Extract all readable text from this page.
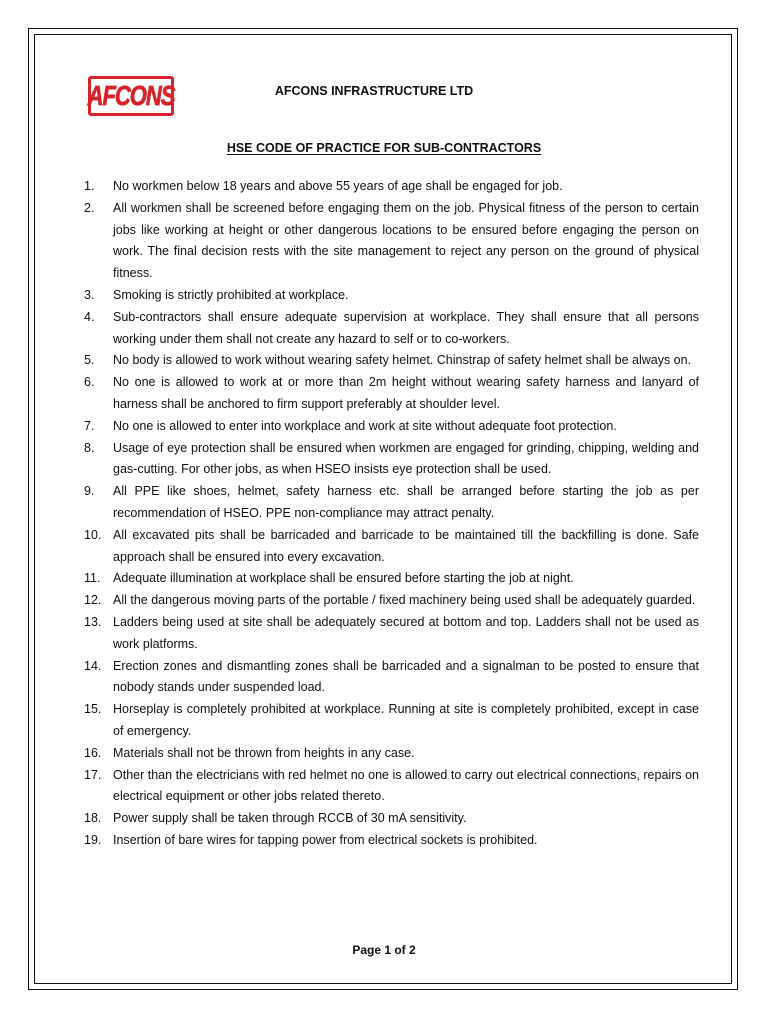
AFCONS	AFCONS INFRASTRUCTURE LTD
HSE CODE OF PRACTICE FOR SUB-CONTRACTORS
1.	No workmen below 18 years and above 55 years of age shall be engaged for job.
2.	All workmen shall be screened before engaging them on the job. Physical fitness of the person to certain jobs like working at height or other dangerous locations to be ensured before engaging the person on work. The final decision rests with the site management to reject any person on the ground of physical fitness.
3.	Smoking is strictly prohibited at workplace.
4.	Sub-contractors shall ensure adequate supervision at workplace. They shall ensure that all persons working under them shall not create any hazard to self or to co-workers.
5.	No body is allowed to work without wearing safety helmet. Chinstrap of safety helmet shall be always on.
6.	No one is allowed to work at or more than 2m height without wearing safety harness and lanyard of harness shall be anchored to firm support preferably at shoulder level.
7.	No one is allowed to enter into workplace and work at site without adequate foot protection.
8.	Usage of eye protection shall be ensured when workmen are engaged for grinding, chipping, welding and gas-cutting. For other jobs, as when HSEO insists eye protection shall be used.
9.	All PPE like shoes, helmet, safety harness etc. shall be arranged before starting the job as per recommendation of HSEO. PPE non-compliance may attract penalty.
10. All excavated pits shall be barricaded and barricade to be maintained till the backfilling is done. Safe approach shall be ensured into every excavation.
11.	Adequate illumination at workplace shall be ensured before starting the job at night.
12. All the dangerous moving parts of the portable / fixed machinery being used shall be adequately guarded.
13. Ladders being used at site shall be adequately secured at bottom and top. Ladders shall not be used as work platforms.
14. Erection zones and dismantling zones shall be barricaded and a signalman to be posted to ensure that nobody stands under suspended load.
15. Horseplay is completely prohibited at workplace. Running at site is completely prohibited, except in case of emergency.
16. Materials shall not be thrown from heights in any case.
17. Other than the electricians with red helmet no one is allowed to carry out electrical connections, repairs on electrical equipment or other jobs related thereto.
18. Power supply shall be taken through RCCB of 30 mA sensitivity.
19. Insertion of bare wires for tapping power from electrical sockets is prohibited.
Page 1 of 2
